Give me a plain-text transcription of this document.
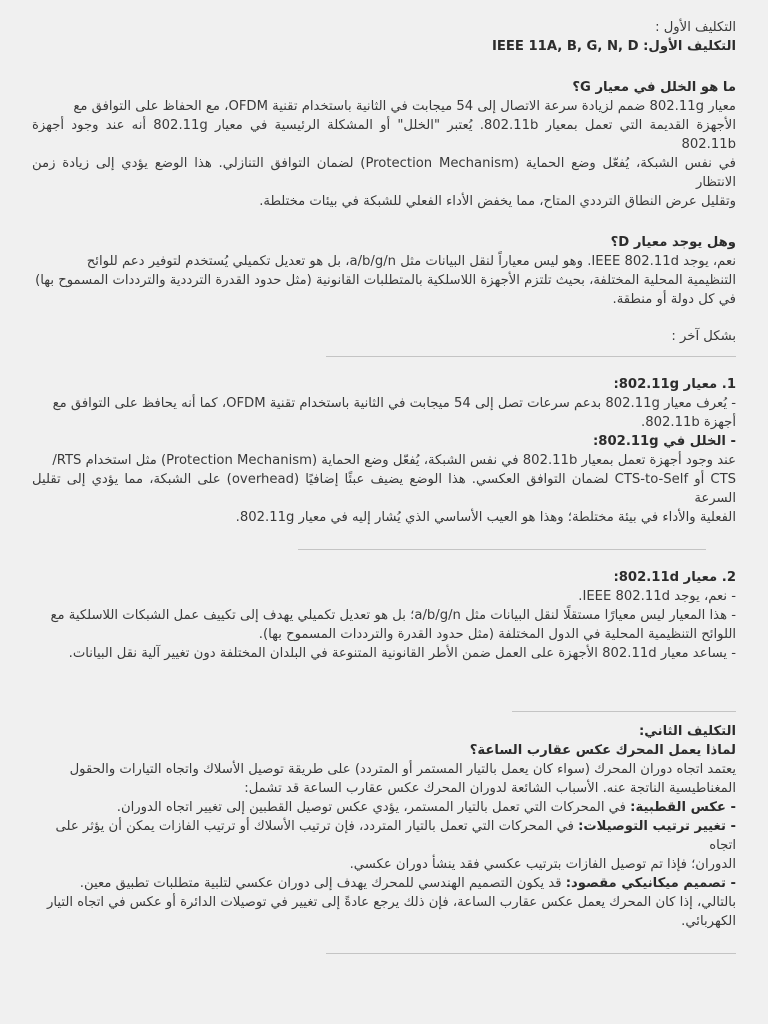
التكليف الأول :

التكليف الأول: IEEE 11A, B, G, N, D

ما هو الخلل في معيار G؟

معيار 802.11g ضمم لزيادة سرعة الاتصال إلى 54 ميجابت في الثانية باستخدام تقنية OFDM، مع الحفاظ على التوافق مع

الأجهزة القديمة التي تعمل بمعيار 802.11b. يُعتبر "الخلل" أو المشكلة الرئيسية في معيار 802.11g أنه عند وجود أجهزة 802.11b

في نفس الشبكة، يُفعّل وضع الحماية (Protection Mechanism) لضمان التوافق التنازلي. هذا الوضع يؤدي إلى زيادة زمن الانتظار

وتقليل عرض النطاق الترددي المتاح، مما يخفض الأداء الفعلي للشبكة في بيئات مختلطة.

وهل يوجد معيار D؟

نعم، يوجد IEEE 802.11d. وهو ليس معياراً لنقل البيانات مثل a/b/g/n، بل هو تعديل تكميلي يُستخدم لتوفير دعم للوائح

التنظيمية المحلية المختلفة، بحيث تلتزم الأجهزة اللاسلكية بالمتطلبات القانونية (مثل حدود القدرة الترددية والترددات المسموح بها)

في كل دولة أو منطقة.

بشكل آخر :

1. معيار 802.11g:

- يُعرف معيار 802.11g بدعم سرعات تصل إلى 54 ميجابت في الثانية باستخدام تقنية OFDM، كما أنه يحافظ على التوافق مع

أجهزة 802.11b.

- الخلل في 802.11g:

عند وجود أجهزة تعمل بمعيار 802.11b في نفس الشبكة، يُفعّل وضع الحماية (Protection Mechanism) مثل استخدام RTS/

CTS أو CTS-to-Self لضمان التوافق العكسي. هذا الوضع يضيف عبئًا إضافيًا (overhead) على الشبكة، مما يؤدي إلى تقليل السرعة

الفعلية والأداء في بيئة مختلطة؛ وهذا هو العيب الأساسي الذي يُشار إليه في معيار 802.11g.

2. معيار 802.11d:

- نعم، يوجد IEEE 802.11d.

- هذا المعيار ليس معيارًا مستقلًا لنقل البيانات مثل a/b/g/n؛ بل هو تعديل تكميلي يهدف إلى تكييف عمل الشبكات اللاسلكية مع

اللوائح التنظيمية المحلية في الدول المختلفة (مثل حدود القدرة والترددات المسموح بها).

- يساعد معيار 802.11d الأجهزة على العمل ضمن الأطر القانونية المتنوعة في البلدان المختلفة دون تغيير آلية نقل البيانات.

التكليف الثاني:

لماذا يعمل المحرك عكس عقارب الساعة؟

يعتمد اتجاه دوران المحرك (سواء كان يعمل بالتيار المستمر أو المتردد) على طريقة توصيل الأسلاك واتجاه التيارات والحقول

المغناطيسية الناتجة عنه. الأسباب الشائعة لدوران المحرك عكس عقارب الساعة قد تشمل:

- عكس القطبية: في المحركات التي تعمل بالتيار المستمر، يؤدي عكس توصيل القطبين إلى تغيير اتجاه الدوران.

- تغيير ترتيب التوصيلات: في المحركات التي تعمل بالتيار المتردد، فإن ترتيب الأسلاك أو ترتيب الفازات يمكن أن يؤثر على اتجاه

الدوران؛ فإذا تم توصيل الفازات بترتيب عكسي فقد ينشأ دوران عكسي.

- تصميم ميكانيكي مقصود: قد يكون التصميم الهندسي للمحرك يهدف إلى دوران عكسي لتلبية متطلبات تطبيق معين.

بالتالي، إذا كان المحرك يعمل عكس عقارب الساعة، فإن ذلك يرجع عادةً إلى تغيير في توصيلات الدائرة أو عكس في اتجاه التيار

الكهربائي.
